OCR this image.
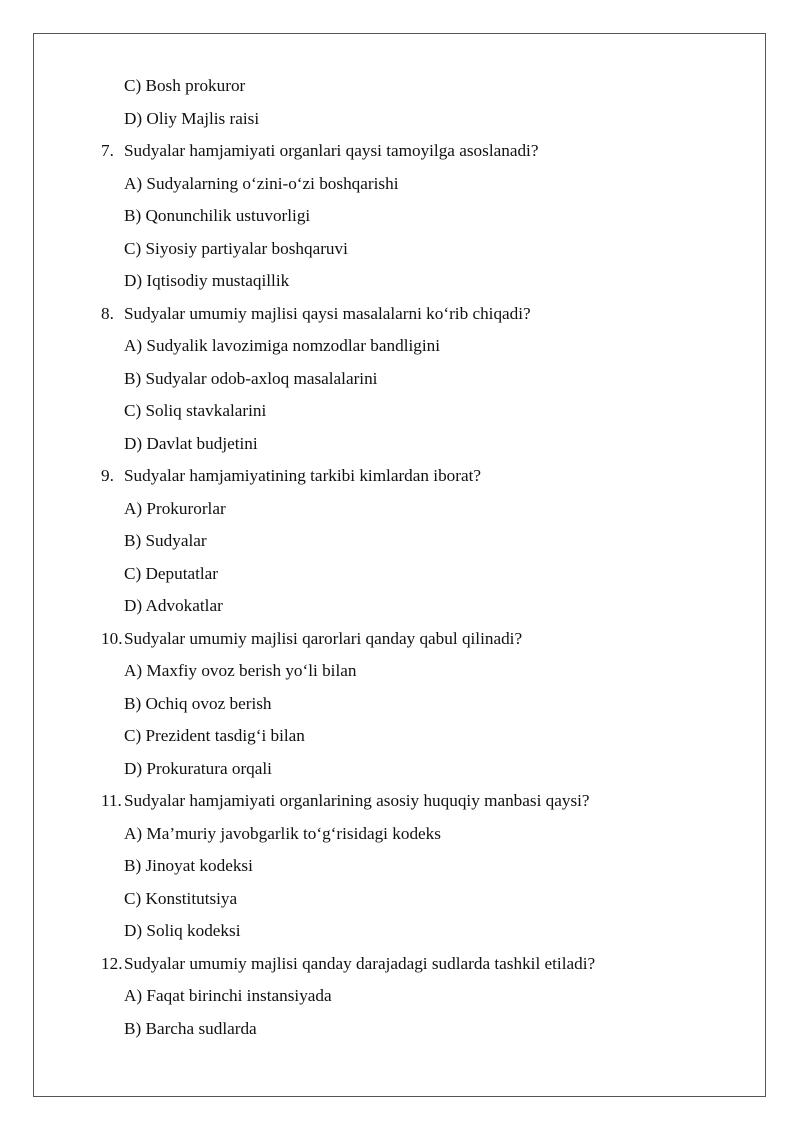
C) Bosh prokuror
D) Oliy Majlis raisi
7. Sudyalar hamjamiyati organlari qaysi tamoyilga asoslanadi?
A) Sudyalarning o‘zini-o‘zi boshqarishi
B) Qonunchilik ustuvorligi
C) Siyosiy partiyalar boshqaruvi
D) Iqtisodiy mustaqillik
8. Sudyalar umumiy majlisi qaysi masalalarni ko‘rib chiqadi?
A) Sudyalik lavozimiga nomzodlar bandligini
B) Sudyalar odob-axloq masalalarini
C) Soliq stavkalarini
D) Davlat budjetini
9. Sudyalar hamjamiyatining tarkibi kimlardan iborat?
A) Prokurorlar
B) Sudyalar
C) Deputatlar
D) Advokatlar
10. Sudyalar umumiy majlisi qarorlari qanday qabul qilinadi?
A) Maxfiy ovoz berish yo‘li bilan
B) Ochiq ovoz berish
C) Prezident tasdig‘i bilan
D) Prokuratura orqali
11. Sudyalar hamjamiyati organlarining asosiy huquqiy manbasi qaysi?
A) Ma’muriy javobgarlik to‘g‘risidagi kodeks
B) Jinoyat kodeksi
C) Konstitutsiya
D) Soliq kodeksi
12. Sudyalar umumiy majlisi qanday darajadagi sudlarda tashkil etiladi?
A) Faqat birinchi instansiyada
B) Barcha sudlarda
